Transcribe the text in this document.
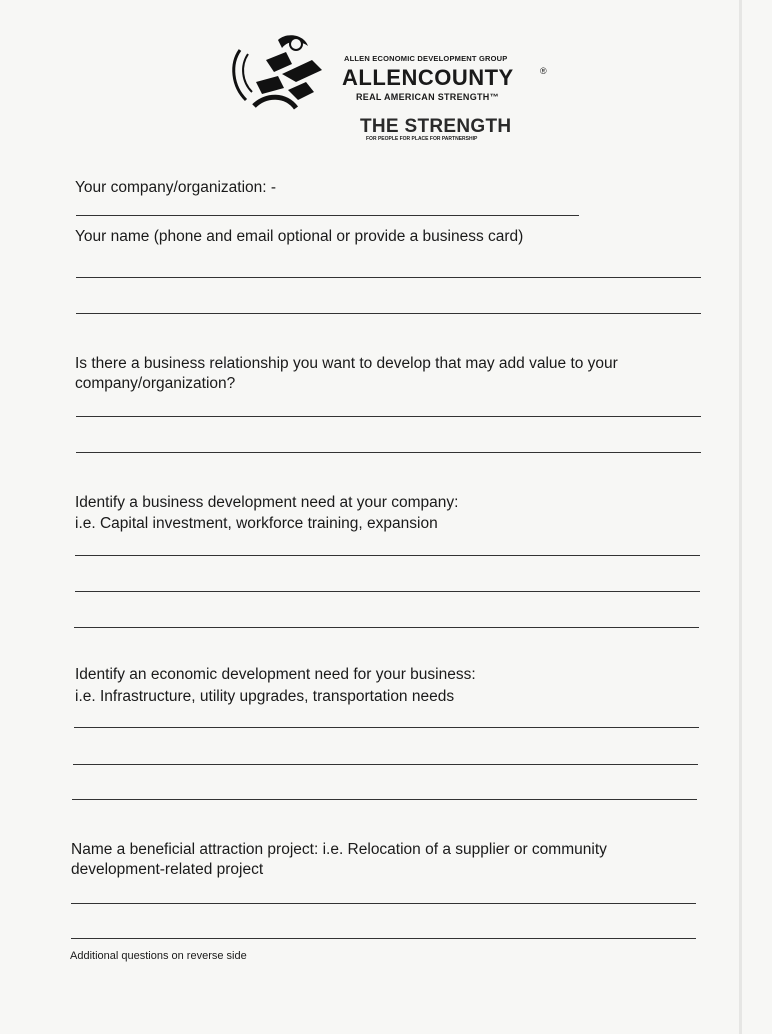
ALLEN ECONOMIC DEVELOPMENT GROUP
ALLENCOUNTY	®
REAL AMERICAN STRENGTH™
THE STRENGTH
FOR PEOPLE FOR PLACE FOR PARTNERSHIP
Your company/organization: -
Your name (phone and email optional or provide a business card)
Is there a business relationship you want to develop that may add value to your
company/organization?
Identify a business development need at your company:
i.e. Capital investment, workforce training, expansion
Identify an economic development need for your business:
i.e. Infrastructure, utility upgrades, transportation needs
Name a beneficial attraction project: i.e. Relocation of a supplier or community
development-related project
Additional questions on reverse side
